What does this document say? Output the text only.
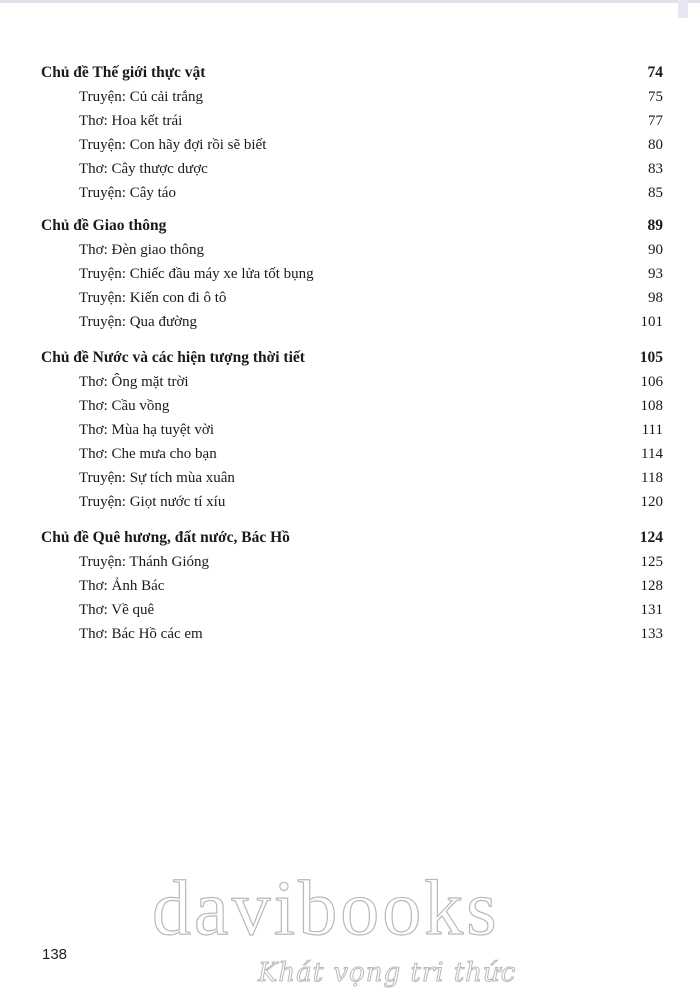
Chủ đề Thế giới thực vật	74
Truyện: Củ cải trắng	75
Thơ: Hoa kết trái	77
Truyện: Con hãy đợi rồi sẽ biết	80
Thơ: Cây thược dược	83
Truyện: Cây táo	85
Chủ đề Giao thông	89
Thơ: Đèn giao thông	90
Truyện: Chiếc đầu máy xe lửa tốt bụng	93
Truyện: Kiến con đi ô tô	98
Truyện: Qua đường	101
Chủ đề Nước và các hiện tượng thời tiết	105
Thơ: Ông mặt trời	106
Thơ: Cầu vồng	108
Thơ: Mùa hạ tuyệt vời	111
Thơ: Che mưa cho bạn	114
Truyện: Sự tích mùa xuân	118
Truyện: Giọt nước tí xíu	120
Chủ đề Quê hương, đất nước, Bác Hồ	124
Truyện: Thánh Gióng	125
Thơ: Ảnh Bác	128
Thơ: Về quê	131
Thơ: Bác Hồ các em	133
davibooks
Khát vọng tri thức
138
